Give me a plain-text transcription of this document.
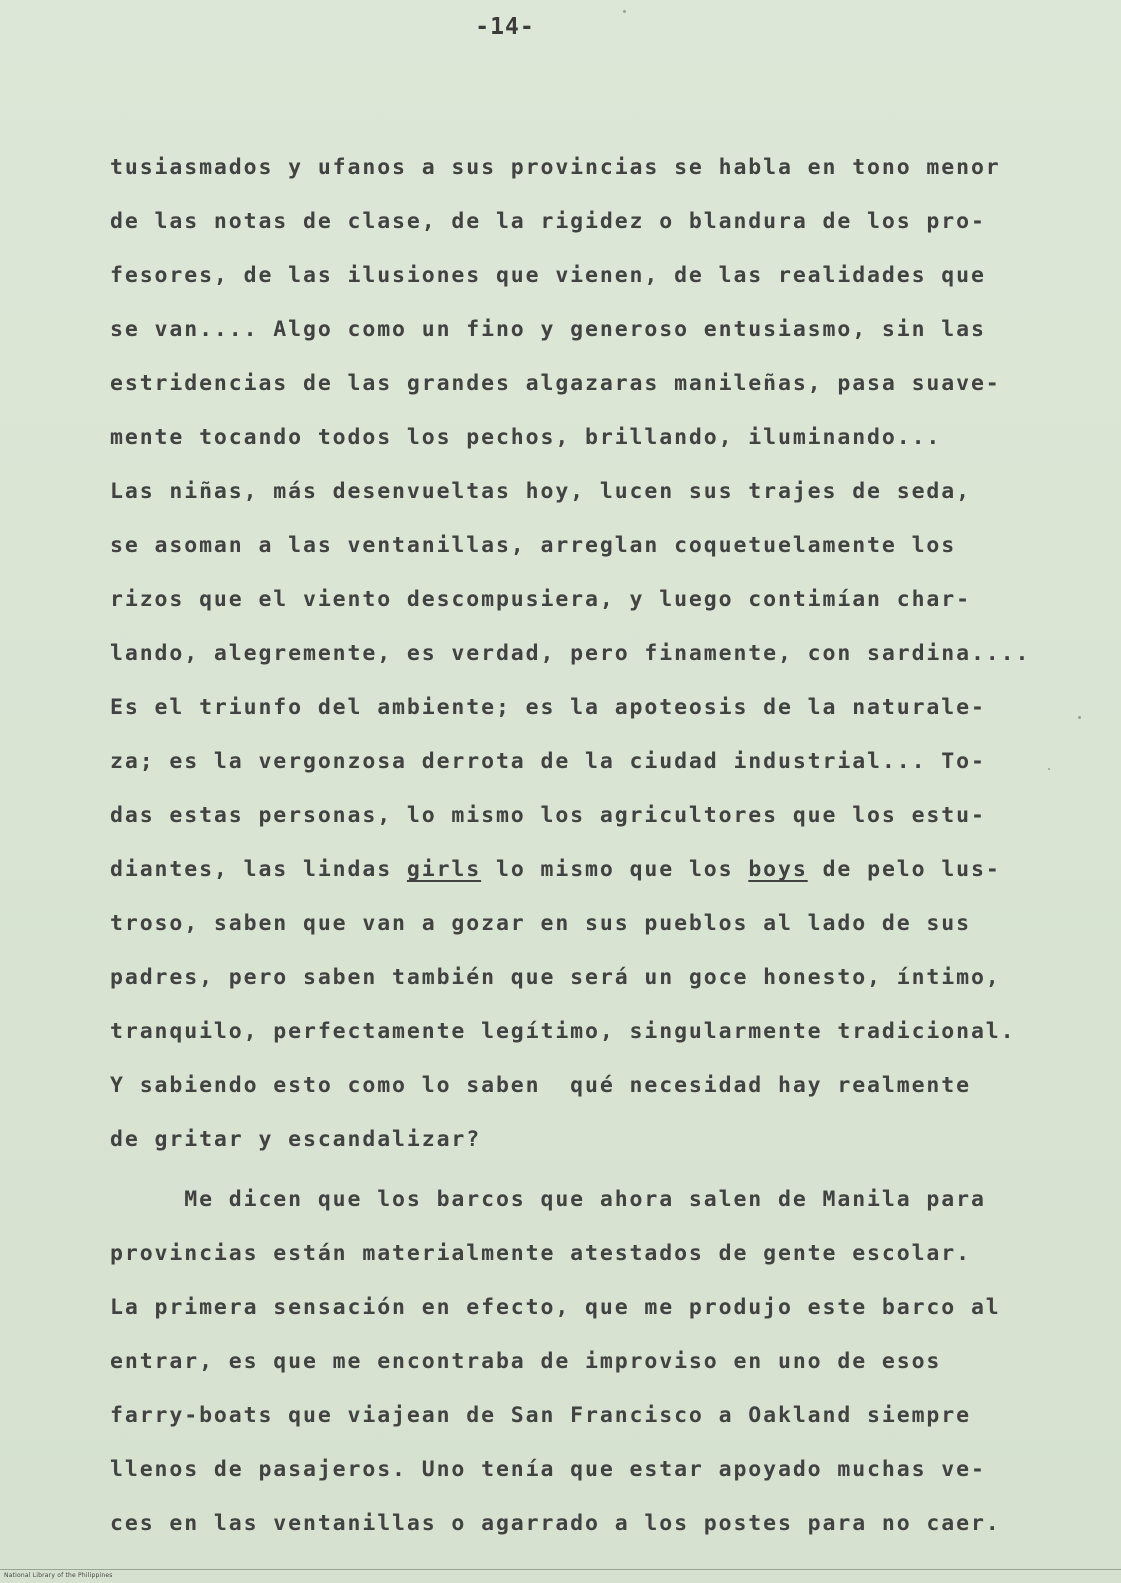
-14-
tusiasmados y ufanos a sus provincias se habla en tono menor
de las notas de clase, de la rigidez o blandura de los pro-
fesores, de las ilusiones que vienen, de las realidades que
se van.... Algo como un fino y generoso entusiasmo, sin las
estridencias de las grandes algazaras manileñas, pasa suave-
mente tocando todos los pechos, brillando, iluminando...
Las niñas, más desenvueltas hoy, lucen sus trajes de seda,
se asoman a las ventanillas, arreglan coquetuelamente los
rizos que el viento descompusiera, y luego contimían char-
lando, alegremente, es verdad, pero finamente, con sardina....
Es el triunfo del ambiente; es la apoteosis de la naturale-
za; es la vergonzosa derrota de la ciudad industrial... To-
das estas personas, lo mismo los agricultores que los estu-
diantes, las lindas girls lo mismo que los boys de pelo lus-
troso, saben que van a gozar en sus pueblos al lado de sus
padres, pero saben también que será un goce honesto, íntimo,
tranquilo, perfectamente legítimo, singularmente tradicional.
Y sabiendo esto como lo saben  qué necesidad hay realmente
de gritar y escandalizar?
Me dicen que los barcos que ahora salen de Manila para
provincias están materialmente atestados de gente escolar.
La primera sensación en efecto, que me produjo este barco al
entrar, es que me encontraba de improviso en uno de esos
farry-boats que viajean de San Francisco a Oakland siempre
llenos de pasajeros. Uno tenía que estar apoyado muchas ve-
ces en las ventanillas o agarrado a los postes para no caer.
National Library of the Philippines
